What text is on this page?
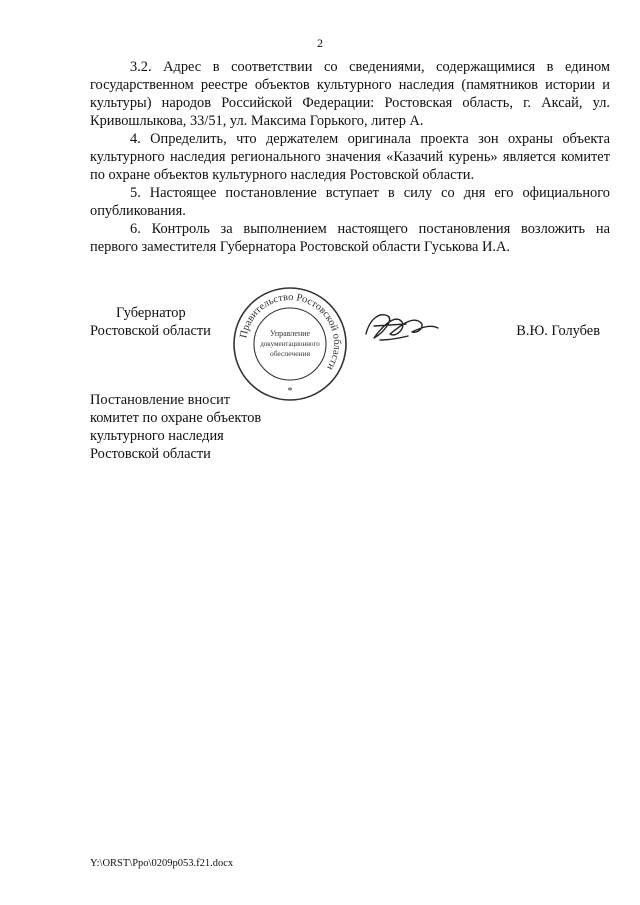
2

3.2. Адрес в соответствии со сведениями, содержащимися в едином государственном реестре объектов культурного наследия (памятников истории и культуры) народов Российской Федерации: Ростовская область, г. Аксай, ул. Кривошлыкова, 33/51, ул. Максима Горького, литер А.

4. Определить, что держателем оригинала проекта зон охраны объекта культурного наследия регионального значения «Казачий курень» является комитет по охране объектов культурного наследия Ростовской области.

5. Настоящее постановление вступает в силу со дня его официального опубликования.

6. Контроль за выполнением настоящего постановления возложить на первого заместителя Губернатора Ростовской области Гуськова И.А.

Губернатор
Ростовской области	Правительство Ростовской области
Управление
документационного
обеспечения
*
В.Ю. Голубев
Постановление вносит
комитет по охране объектов
культурного наследия
Ростовской области
Y:\ORST\Ppo\0209p053.f21.docx
